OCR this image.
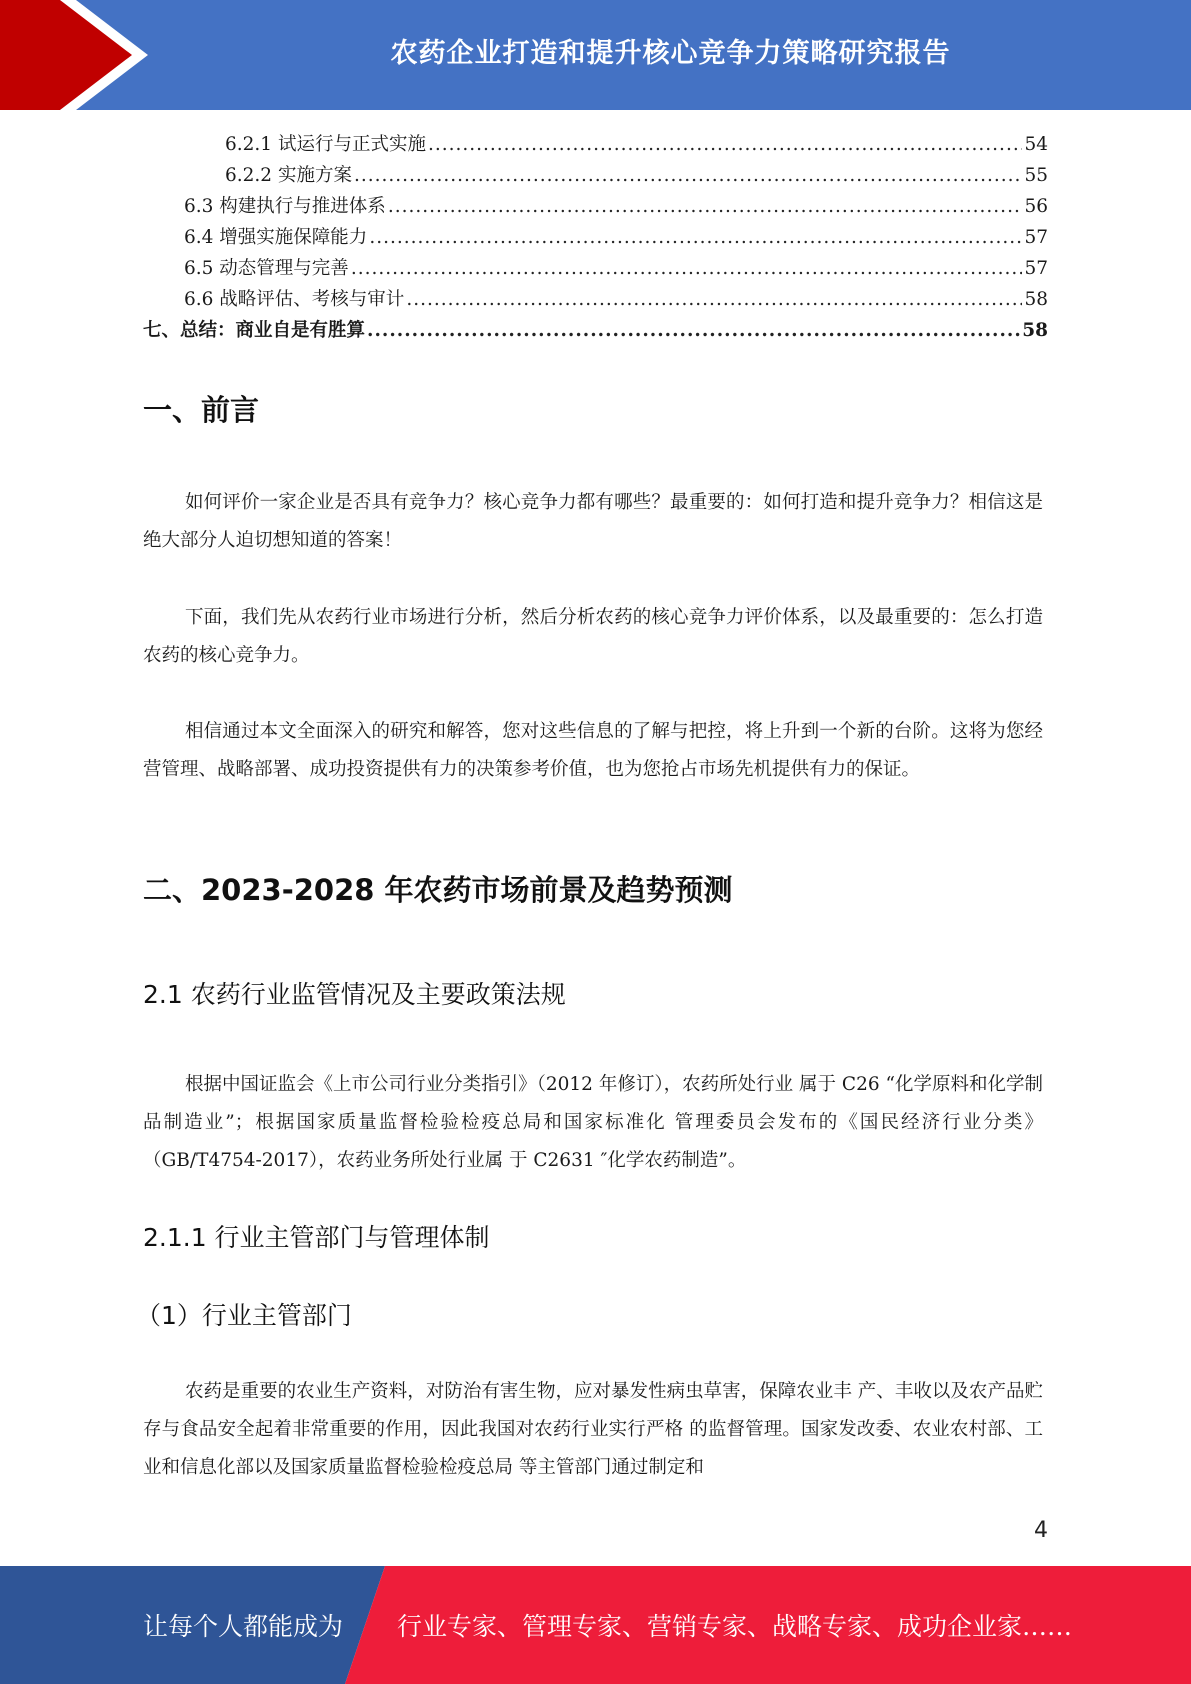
农药企业打造和提升核心竞争力策略研究报告
6.2.1 试运行与正式实施 .....	54
6.2.2 实施方案 .....	55
6.3 构建执行与推进体系 .....	56
6.4 增强实施保障能力 .....	57
6.5 动态管理与完善 .....	57
6.6 战略评估、考核与审计 .....	58
七、总结：商业自是有胜算 .....	58
一、前言
如何评价一家企业是否具有竞争力？核心竞争力都有哪些？最重要的：如何打造和提升竞争力？相信这是绝大部分人迫切想知道的答案！
下面，我们先从农药行业市场进行分析，然后分析农药的核心竞争力评价体系，以及最重要的：怎么打造农药的核心竞争力。
相信通过本文全面深入的研究和解答，您对这些信息的了解与把控，将上升到一个新的台阶。这将为您经营管理、战略部署、成功投资提供有力的决策参考价值，也为您抢占市场先机提供有力的保证。
二、2023-2028 年农药市场前景及趋势预测
2.1 农药行业监管情况及主要政策法规
根据中国证监会《上市公司行业分类指引》（2012 年修订），农药所处行业 属于 C26 “化学原料和化学制品制造业”；根据国家质量监督检验检疫总局和国家标准化 管理委员会发布的《国民经济行业分类》（GB/T4754-2017），农药业务所处行业属 于 C2631 ″化学农药制造”。
2.1.1 行业主管部门与管理体制
（1）行业主管部门
农药是重要的农业生产资料，对防治有害生物，应对暴发性病虫草害，保障农业丰 产、丰收以及农产品贮存与食品安全起着非常重要的作用，因此我国对农药行业实行严格 的监督管理。国家发改委、农业农村部、工业和信息化部以及国家质量监督检验检疫总局 等主管部门通过制定和
4
让每个人都能成为 行业专家、管理专家、营销专家、战略专家、成功企业家……
